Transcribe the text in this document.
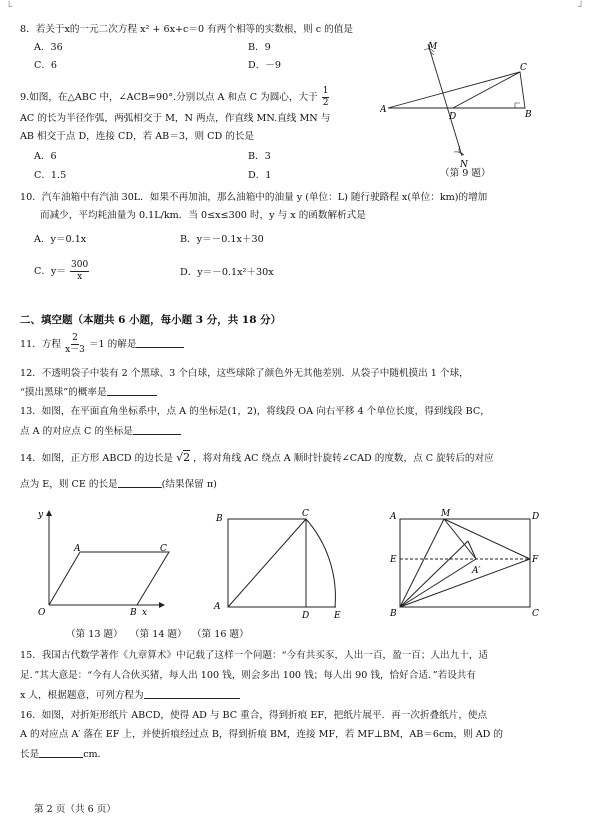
└	┘
8．若关于x的一元二次方程 x² + 6x+c＝0 有两个相等的实数根，则 c 的值是
A．36	B．9
C．6	D．－9
9.如图，在△ABC 中，∠ACB=90°.分别以点 A 和点 C 为圆心，大于 $\frac{1}{2}$
AC 的长为半径作弧，两弧相交于 M，N 两点，作直线 MN.直线 MN 与
AB 相交于点 D，连接 CD，若 AB＝3，则 CD 的长是
A．6	B．3
C．1.5	D．1
M
N
C
A
D	B
（第 9 题）
10．汽车油箱中有汽油 30L．如果不再加油，那么油箱中的油量 y (单位：L) 随行驶路程 x(单位：km)的增加
而减少，平均耗油量为 0.1L/km．当 0≤x≤300 时，y 与 x 的函数解析式是
A．y＝0.1x	B．y＝－0.1x＋30
C．$y= \frac{300}{x}$	D．y＝－0.1x²＋30x
二、填空题（本题共 6 小题，每小题 3 分，共 18 分）
11．方程 $\frac{2}{x-3} =1$ 的解是
12．不透明袋子中装有 2 个黑球、3 个白球，这些球除了颜色外无其他差别．从袋子中随机摸出 1 个球，
“摸出黑球”的概率是
13．如图，在平面直角坐标系中，点 A 的坐标是(1，2)，将线段 OA 向右平移 4 个单位长度，得到线段 BC，
点 A 的对应点 C 的坐标是
14．如图，正方形 ABCD 的边长是 √2 ，将对角线 AC 绕点 A 顺时针旋转∠CAD 的度数，点 C 旋转后的对应
点为 E，则 CE 的长是	(结果保留 π)
y
x
O
A
B
C
B	C
A
D	E
A	M	D
E	F
A′
B	C
（第 13 题） （第 14 题） （第 16 题）
15．我国古代数学著作《九章算术》中记载了这样一个问题：“今有共买豕，人出一百，盈一百；人出九十，适
足．”其大意是：“今有人合伙买猪，每人出 100 钱，则会多出 100 钱；每人出 90 钱，恰好合适．”若设共有
x 人，根据题意，可列方程为
16．如图，对折矩形纸片 ABCD，使得 AD 与 BC 重合，得到折痕 EF，把纸片展平．再一次折叠纸片，使点
A 的对应点 A′ 落在 EF 上，并使折痕经过点 B，得到折痕 BM，连接 MF，若 MF⊥BM，AB＝6cm，则 AD 的
长是	cm．
第 2 页（共 6 页）
